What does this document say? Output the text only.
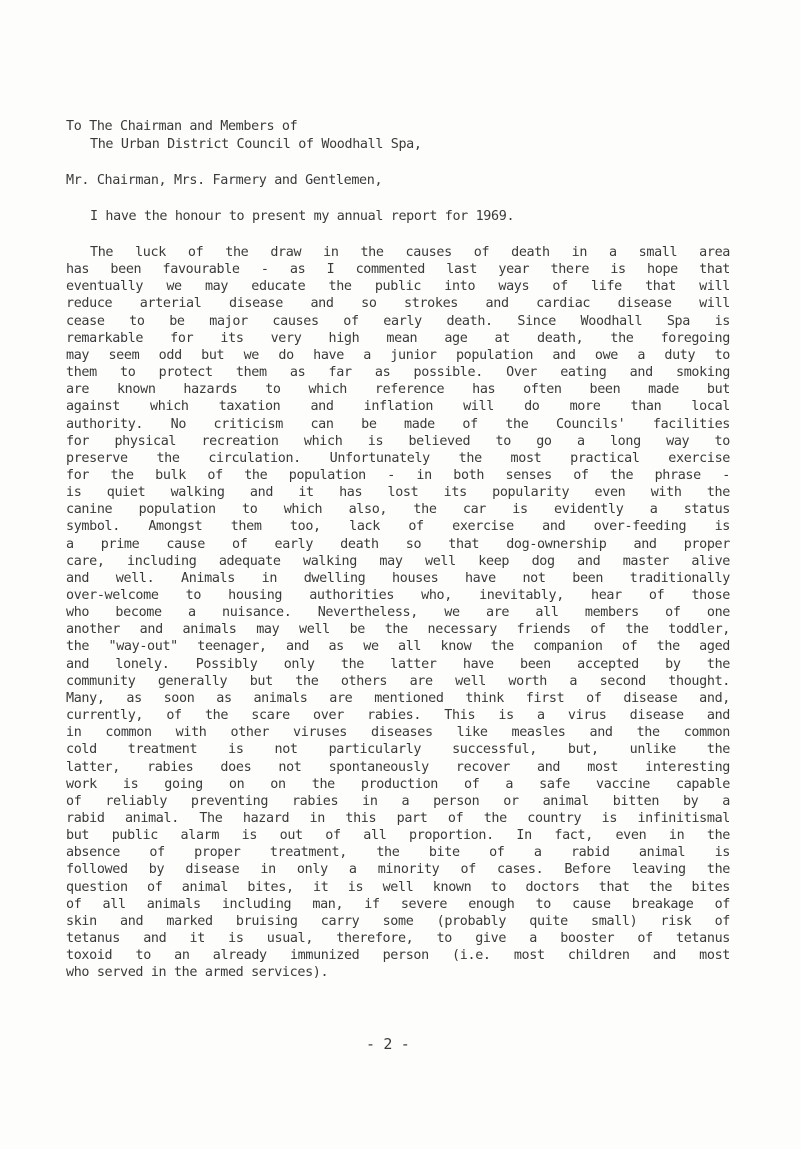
To The Chairman and Members of
The Urban District Council of Woodhall Spa,
Mr. Chairman, Mrs. Farmery and Gentlemen,
I have the honour to present my annual report for 1969.
The luck of the draw in the causes of death in a small area
has been favourable - as I commented last year there is hope that
eventually we may educate the public into ways of life that will
reduce arterial disease and so strokes and cardiac disease will
cease to be major causes of early death. Since Woodhall Spa is
remarkable for its very high mean age at death, the foregoing
may seem odd but we do have a junior population and owe a duty to
them to protect them as far as possible. Over eating and smoking
are known hazards to which reference has often been made but
against which taxation and inflation will do more than local
authority. No criticism can be made of the Councils' facilities
for physical recreation which is believed to go a long way to
preserve the circulation. Unfortunately the most practical exercise
for the bulk of the population - in both senses of the phrase -
is quiet walking and it has lost its popularity even with the
canine population to which also, the car is evidently a status
symbol. Amongst them too, lack of exercise and over-feeding is
a prime cause of early death so that dog-ownership and proper
care, including adequate walking may well keep dog and master alive
and well. Animals in dwelling houses have not been traditionally
over-welcome to housing authorities who, inevitably, hear of those
who become a nuisance. Nevertheless, we are all members of one
another and animals may well be the necessary friends of the toddler,
the "way-out" teenager, and as we all know the companion of the aged
and lonely. Possibly only the latter have been accepted by the
community generally but the others are well worth a second thought.
Many, as soon as animals are mentioned think first of disease and,
currently, of the scare over rabies. This is a virus disease and
in common with other viruses diseases like measles and the common
cold treatment is not particularly successful, but, unlike the
latter, rabies does not spontaneously recover and most interesting
work is going on on the production of a safe vaccine capable
of reliably preventing rabies in a person or animal bitten by a
rabid animal. The hazard in this part of the country is infinitismal
but public alarm is out of all proportion. In fact, even in the
absence of proper treatment, the bite of a rabid animal is
followed by disease in only a minority of cases. Before leaving the
question of animal bites, it is well known to doctors that the bites
of all animals including man, if severe enough to cause breakage of
skin and marked bruising carry some (probably quite small) risk of
tetanus and it is usual, therefore, to give a booster of tetanus
toxoid to an already immunized person (i.e. most children and most
who served in the armed services).
- 2 -
